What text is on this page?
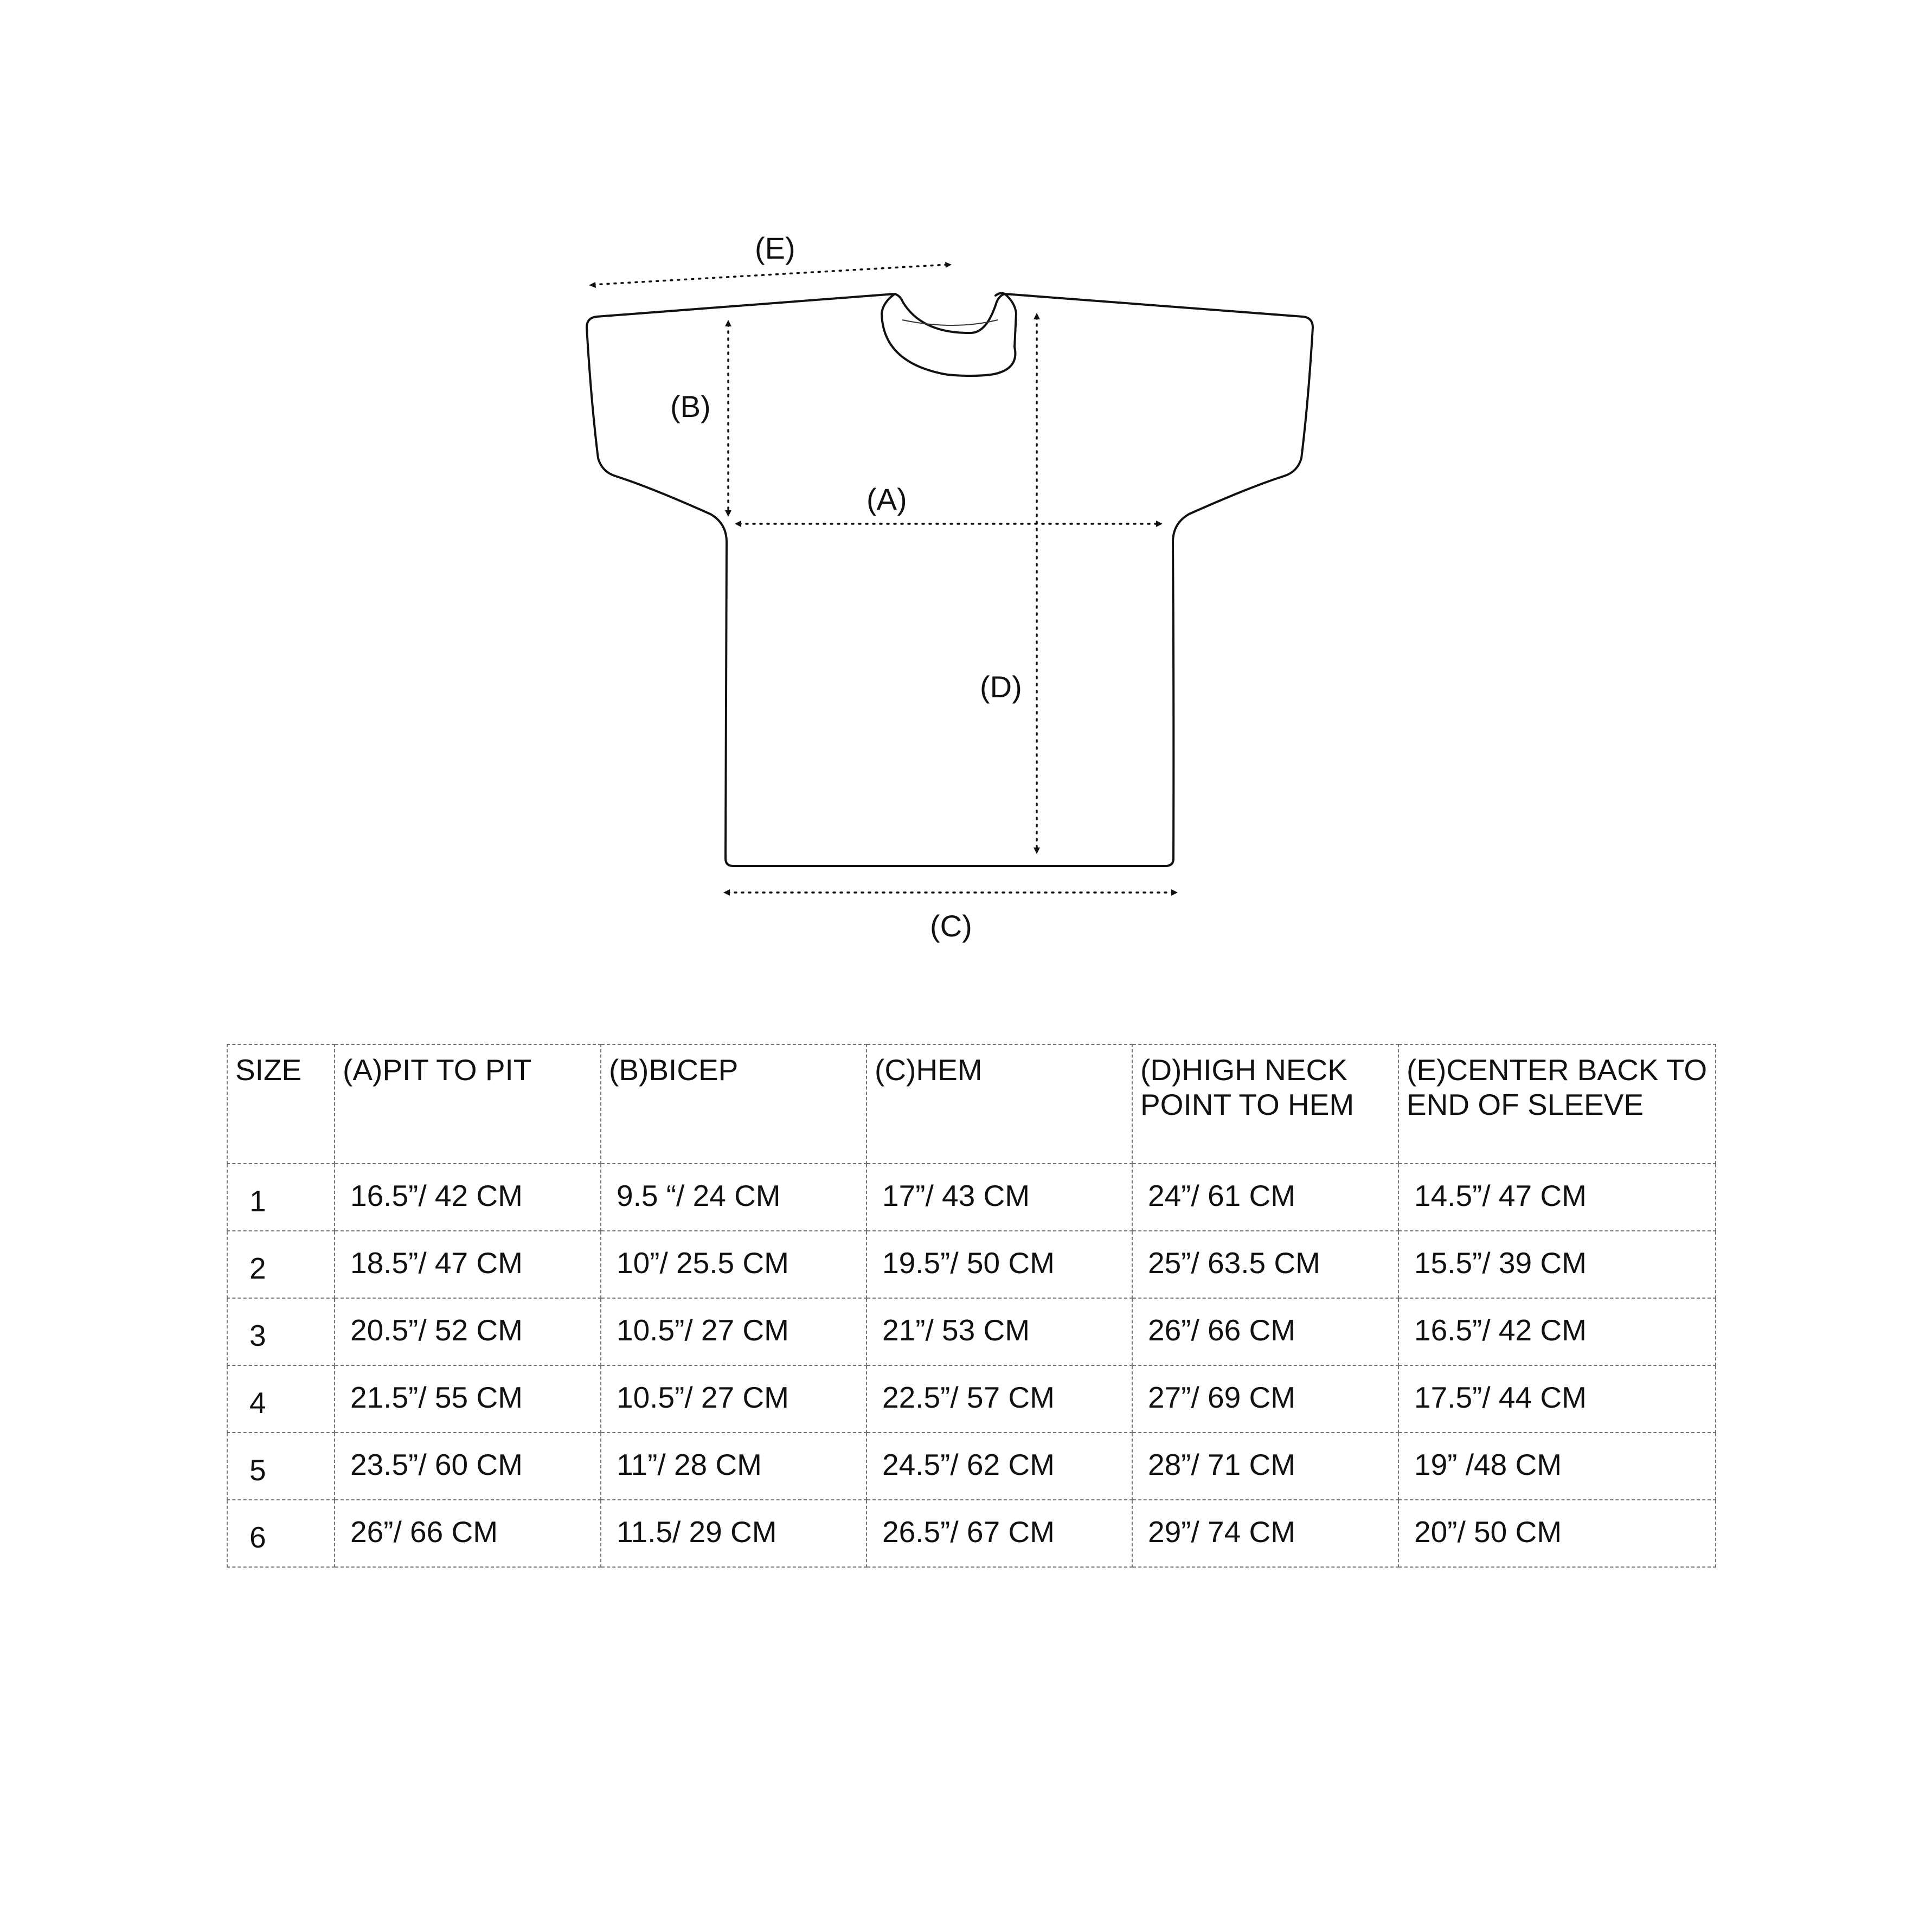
(E)
(B)
(A)
(D)
(C)
SIZE	(A)PIT TO PIT	(B)BICEP	(C)HEM	(D)HIGH NECK POINT TO HEM	(E)CENTER BACK TO END OF SLEEVE
1	16.5”/ 42 CM	9.5 “/ 24 CM	17”/ 43 CM	24”/ 61 CM	14.5”/ 47 CM
2	18.5”/ 47 CM	10”/ 25.5 CM	19.5”/ 50 CM	25”/ 63.5 CM	15.5”/ 39 CM
3	20.5”/ 52 CM	10.5”/ 27 CM	21”/ 53 CM	26”/ 66 CM	16.5”/ 42 CM
4	21.5”/ 55 CM	10.5”/ 27 CM	22.5”/ 57 CM	27”/ 69 CM	17.5”/ 44 CM
5	23.5”/ 60 CM	11”/ 28 CM	24.5”/ 62 CM	28”/ 71 CM	19” /48 CM
6	26”/ 66 CM	11.5/ 29 CM	26.5”/ 67 CM	29”/ 74 CM	20”/ 50 CM
